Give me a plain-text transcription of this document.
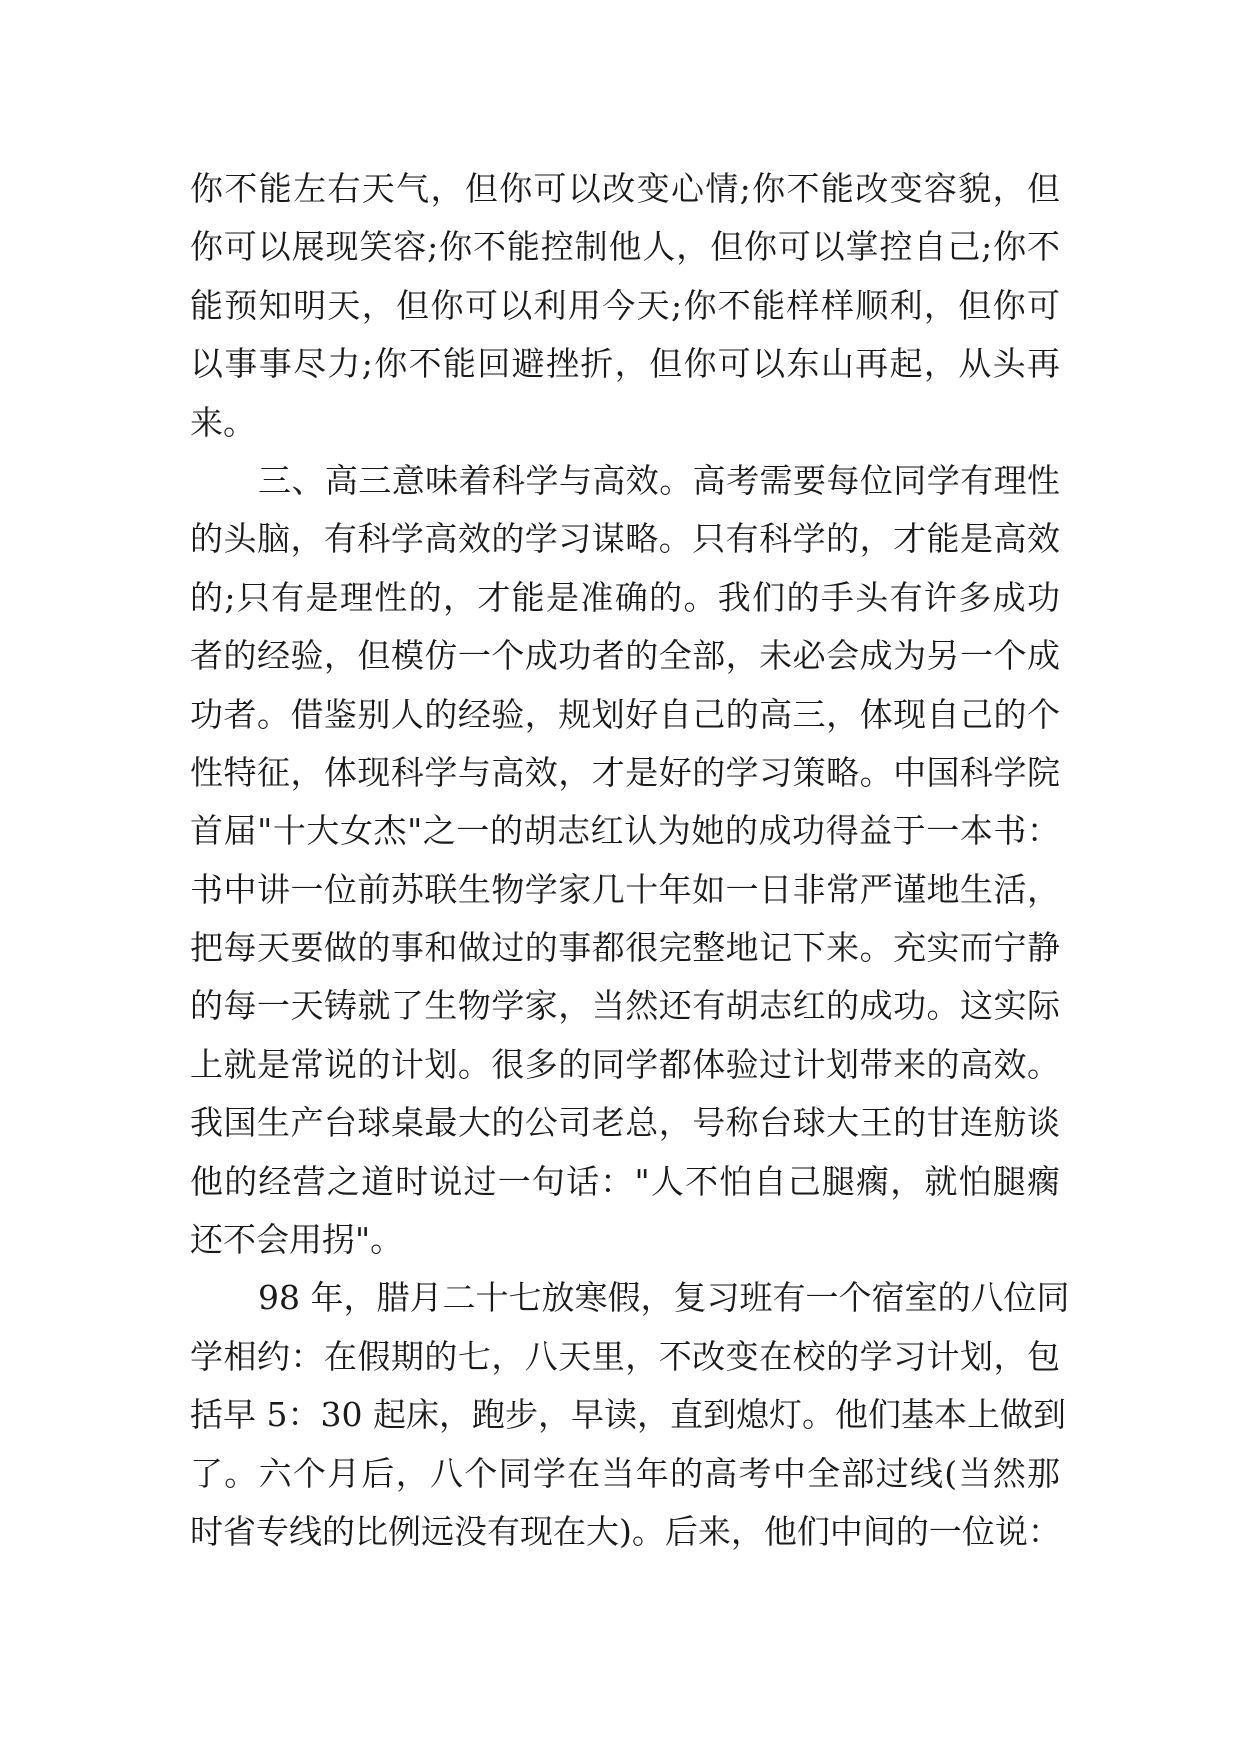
你不能左右天气，但你可以改变心情;你不能改变容貌，但
你可以展现笑容;你不能控制他人，但你可以掌控自己;你不
能预知明天，但你可以利用今天;你不能样样顺利，但你可
以事事尽力;你不能回避挫折，但你可以东山再起，从头再
来。
三、高三意味着科学与高效。高考需要每位同学有理性
的头脑，有科学高效的学习谋略。只有科学的，才能是高效
的;只有是理性的，才能是准确的。我们的手头有许多成功
者的经验，但模仿一个成功者的全部，未必会成为另一个成
功者。借鉴别人的经验，规划好自己的高三，体现自己的个
性特征，体现科学与高效，才是好的学习策略。中国科学院
首届"十大女杰"之一的胡志红认为她的成功得益于一本书：
书中讲一位前苏联生物学家几十年如一日非常严谨地生活，
把每天要做的事和做过的事都很完整地记下来。充实而宁静
的每一天铸就了生物学家，当然还有胡志红的成功。这实际
上就是常说的计划。很多的同学都体验过计划带来的高效。
我国生产台球桌最大的公司老总，号称台球大王的甘连舫谈
他的经营之道时说过一句话："人不怕自己腿瘸，就怕腿瘸
还不会用拐"。
98 年，腊月二十七放寒假，复习班有一个宿室的八位同
学相约：在假期的七，八天里，不改变在校的学习计划，包
括早 5：30 起床，跑步，早读，直到熄灯。他们基本上做到
了。六个月后，八个同学在当年的高考中全部过线(当然那
时省专线的比例远没有现在大)。后来，他们中间的一位说：
